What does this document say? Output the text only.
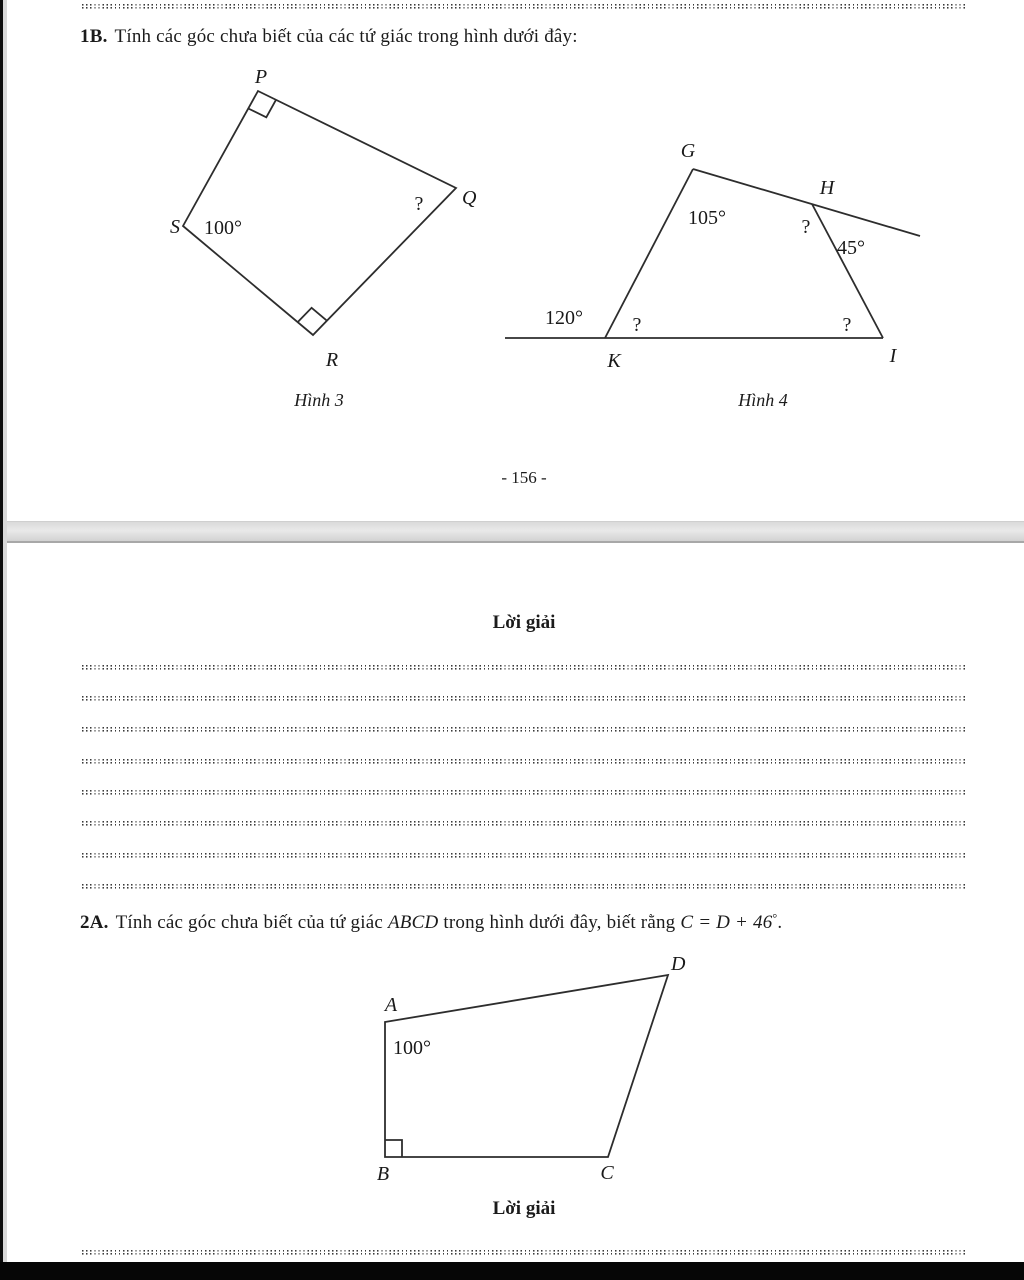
1B. Tính các góc chưa biết của các tứ giác trong hình dưới đây:
P
Q
R
S 100°
?
G
H
K	I
105°
120°
45°
?
?
?
Hình 3	Hình 4
- 156 -
Lời giải
2A. Tính các góc chưa biết của tứ giác ABCD trong hình dưới đây, biết rằng C = D + 46°.
A
D
B	C
100°
Lời giải
